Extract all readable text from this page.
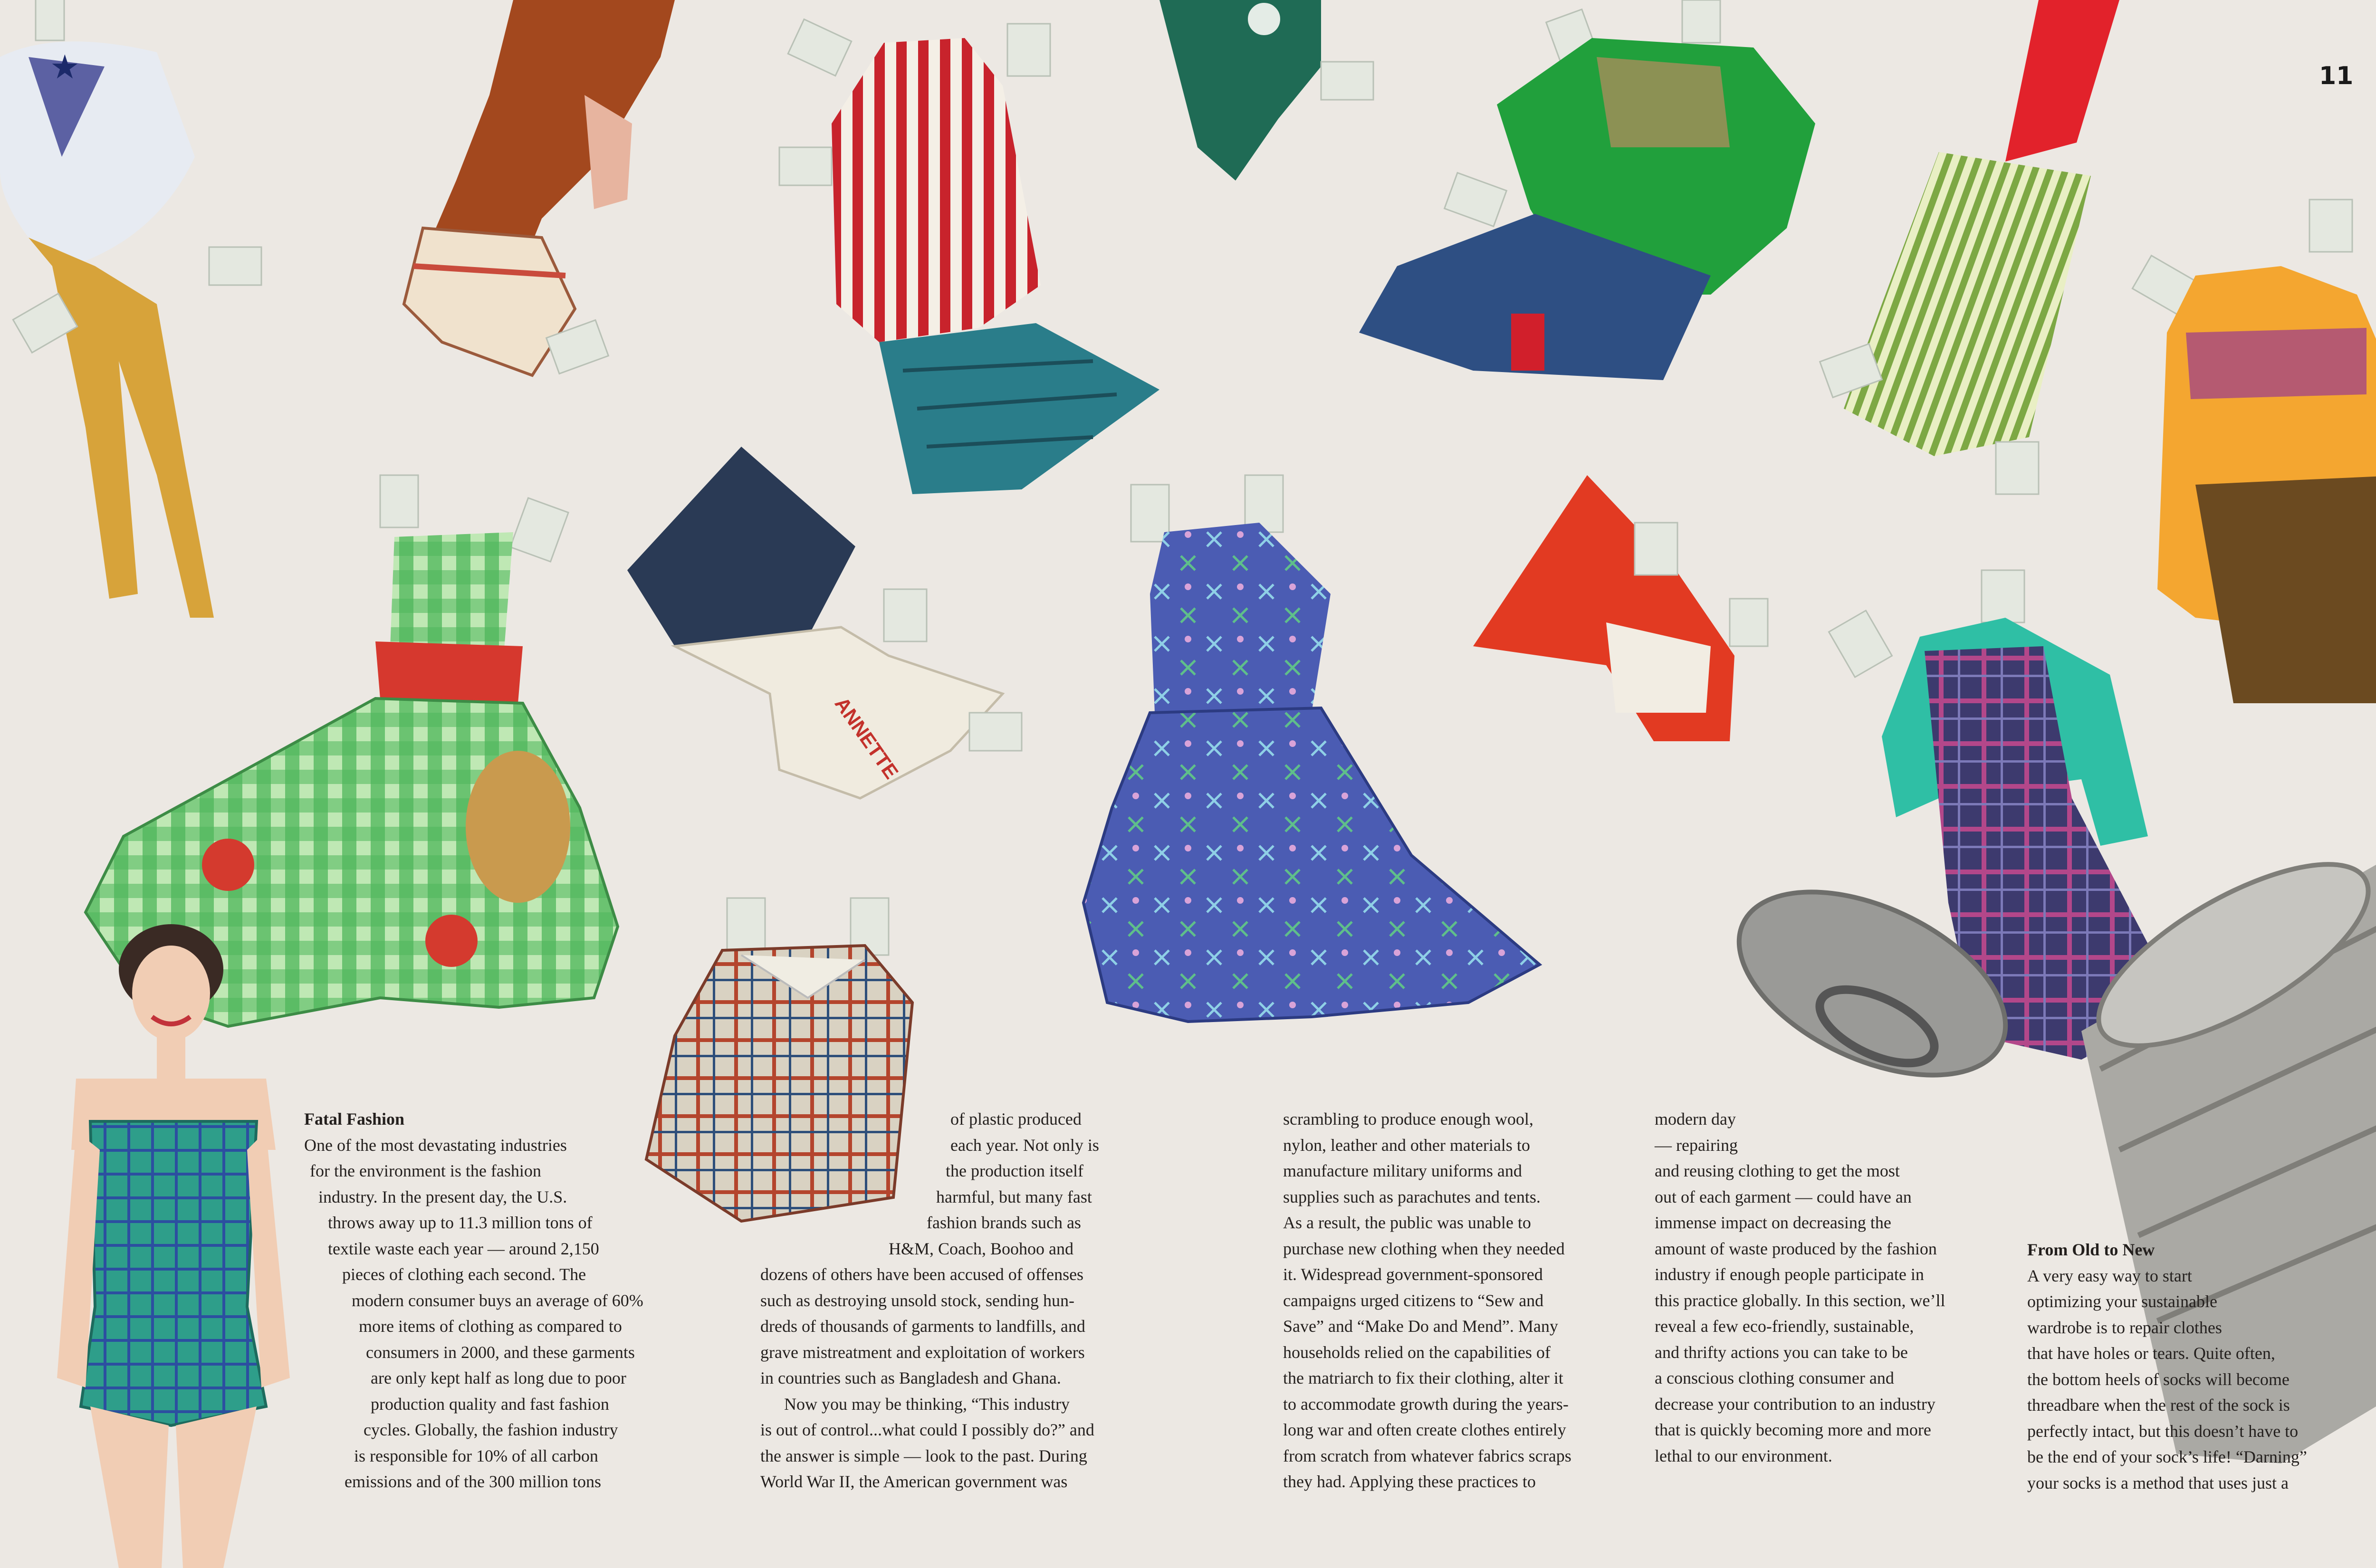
★
ANNETTE
11
Fatal Fashion

One of the most devastating industries

for the environment is the fashion

industry. In the present day, the U.S.

throws away up to 11.3 million tons of

textile waste each year — around 2,150

pieces of clothing each second. The

modern consumer buys an average of 60%

more items of clothing as compared to

consumers in 2000, and these garments

are only kept half as long due to poor

production quality and fast fashion

cycles. Globally, the fashion industry

is responsible for 10% of all carbon

emissions and of the 300 million tons

of plastic produced

each year. Not only is

the production itself

harmful, but many fast

fashion brands such as

H&M, Coach, Boohoo and

dozens of others have been accused of offenses

such as destroying unsold stock, sending hun-

dreds of thousands of garments to landfills, and

grave mistreatment and exploitation of workers

in countries such as Bangladesh and Ghana.

Now you may be thinking, “This industry

is out of control...what could I possibly do?” and

the answer is simple — look to the past. During

World War II, the American government was

scrambling to produce enough wool,

nylon, leather and other materials to

manufacture military uniforms and

supplies such as parachutes and tents.

As a result, the public was unable to

purchase new clothing when they needed

it. Widespread government-sponsored

campaigns urged citizens to “Sew and

Save” and “Make Do and Mend”. Many

households relied on the capabilities of

the matriarch to fix their clothing, alter it

to accommodate growth during the years-

long war and often create clothes entirely

from scratch from whatever fabrics scraps

they had. Applying these practices to

modern day

— repairing

and reusing clothing to get the most

out of each garment — could have an

immense impact on decreasing the

amount of waste produced by the fashion

industry if enough people participate in

this practice globally. In this section, we’ll

reveal a few eco-friendly, sustainable,

and thrifty actions you can take to be

a conscious clothing consumer and

decrease your contribution to an industry

that is quickly becoming more and more

lethal to our environment.

From Old to New

A very easy way to start

optimizing your sustainable

wardrobe is to repair clothes

that have holes or tears. Quite often,

the bottom heels of socks will become

threadbare when the rest of the sock is

perfectly intact, but this doesn’t have to

be the end of your sock’s life! “Darning”

your socks is a method that uses just a
